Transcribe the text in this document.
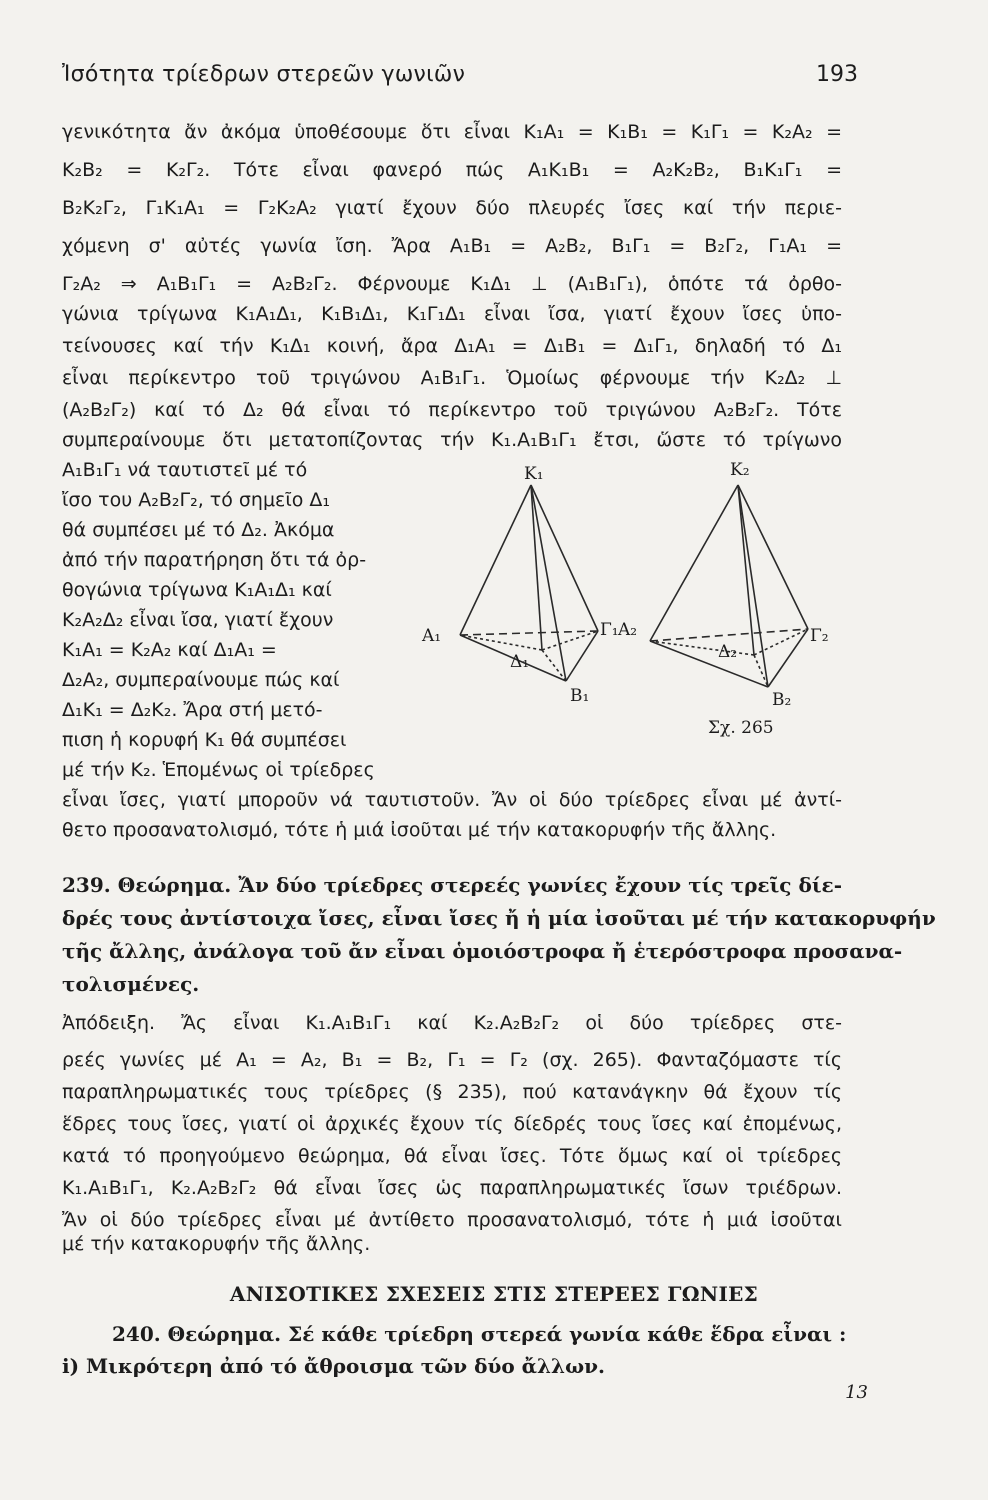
Ἰσότητα τρίεδρων στερεῶν γωνιῶν	193
γενικότητα ἄν ἀκόμα ὑποθέσουμε ὅτι εἶναι Κ₁Α₁ = Κ₁Β₁ = Κ₁Γ₁ = Κ₂Α₂ =
Κ₂Β₂ = Κ₂Γ₂. Τότε εἶναι φανερό πώς Α₁Κ₁Β₁ = Α₂Κ₂Β₂, Β₁Κ₁Γ₁ =
Β₂Κ₂Γ₂, Γ₁Κ₁Α₁ = Γ₂Κ₂Α₂ γιατί ἔχουν δύο πλευρές ἴσες καί τήν περιε-
χόμενη σ' αὐτές γωνία ἴση. Ἄρα Α₁Β₁ = Α₂Β₂, Β₁Γ₁ = Β₂Γ₂, Γ₁Α₁ =
Γ₂Α₂ ⇒ Α₁Β₁Γ₁ = Α₂Β₂Γ₂. Φέρνουμε Κ₁Δ₁ ⊥ (Α₁Β₁Γ₁), ὁπότε τά ὀρθο-
γώνια τρίγωνα Κ₁Α₁Δ₁, Κ₁Β₁Δ₁, Κ₁Γ₁Δ₁ εἶναι ἴσα, γιατί ἔχουν ἴσες ὑπο-
τείνουσες καί τήν Κ₁Δ₁ κοινή, ἄρα Δ₁Α₁ = Δ₁Β₁ = Δ₁Γ₁, δηλαδή τό Δ₁
εἶναι περίκεντρο τοῦ τριγώνου Α₁Β₁Γ₁. Ὁμοίως φέρνουμε τήν Κ₂Δ₂ ⊥
(Α₂Β₂Γ₂) καί τό Δ₂ θά εἶναι τό περίκεντρο τοῦ τριγώνου Α₂Β₂Γ₂. Τότε
συμπεραίνουμε ὅτι μετατοπίζοντας τήν Κ₁.Α₁Β₁Γ₁ ἔτσι, ὥστε τό τρίγωνο
Α₁Β₁Γ₁ νά ταυτιστεῖ μέ τό
ἴσο του Α₂Β₂Γ₂, τό σημεῖο Δ₁
θά συμπέσει μέ τό Δ₂. Ἀκόμα
ἀπό τήν παρατήρηση ὅτι τά ὀρ-
θογώνια τρίγωνα Κ₁Α₁Δ₁ καί
Κ₂Α₂Δ₂ εἶναι ἴσα, γιατί ἔχουν
Κ₁Α₁ = Κ₂Α₂ καί Δ₁Α₁ =
Δ₂Α₂, συμπεραίνουμε πώς καί
Δ₁Κ₁ = Δ₂Κ₂. Ἄρα στή μετό-
πιση ἡ κορυφή Κ₁ θά συμπέσει
μέ τήν Κ₂. Ἑπομένως οἱ τρίεδρες
εἶναι ἴσες, γιατί μποροῦν νά ταυτιστοῦν. Ἄν οἱ δύο τρίεδρες εἶναι μέ ἀντί-
θετο προσανατολισμό, τότε ἡ μιά ἰσοῦται μέ τήν κατακορυφήν τῆς ἄλλης.
Κ₁	Κ₂
Α₁
Δ₁
Γ₁
Β₁
Α₂
Δ₂
Γ₂
Β₂
Σχ. 265
239. Θεώρημα. Ἄν δύο τρίεδρες στερεές γωνίες ἔχουν τίς τρεῖς δίε-
δρές τους ἀντίστοιχα ἴσες, εἶναι ἴσες ἤ ἡ μία ἰσοῦται μέ τήν κατακορυφήν
τῆς ἄλλης, ἀνάλογα τοῦ ἄν εἶναι ὁμοιόστροφα ἤ ἑτερόστροφα προσανα-
τολισμένες.
Ἀπόδειξη. Ἄς εἶναι Κ₁.Α₁Β₁Γ₁ καί Κ₂.Α₂Β₂Γ₂ οἱ δύο τρίεδρες στε-
ρεές γωνίες μέ Α₁ = Α₂, Β₁ = Β₂, Γ₁ = Γ₂ (σχ. 265). Φανταζόμαστε τίς
παραπληρωματικές τους τρίεδρες (§ 235), πού κατανάγκην θά ἔχουν τίς
ἕδρες τους ἴσες, γιατί οἱ ἀρχικές ἔχουν τίς δίεδρές τους ἴσες καί ἐπομένως,
κατά τό προηγούμενο θεώρημα, θά εἶναι ἴσες. Τότε ὅμως καί οἱ τρίεδρες
Κ₁.Α₁Β₁Γ₁, Κ₂.Α₂Β₂Γ₂ θά εἶναι ἴσες ὡς παραπληρωματικές ἴσων τριέδρων.
Ἄν οἱ δύο τρίεδρες εἶναι μέ ἀντίθετο προσανατολισμό, τότε ἡ μιά ἰσοῦται
μέ τήν κατακορυφήν τῆς ἄλλης.
ΑΝΙΣΟΤΙΚΕΣ ΣΧΕΣΕΙΣ ΣΤΙΣ ΣΤΕΡΕΕΣ ΓΩΝΙΕΣ
240. Θεώρημα. Σέ κάθε τρίεδρη στερεά γωνία κάθε ἕδρα εἶναι :
i) Μικρότερη ἀπό τό ἄθροισμα τῶν δύο ἄλλων.
13
